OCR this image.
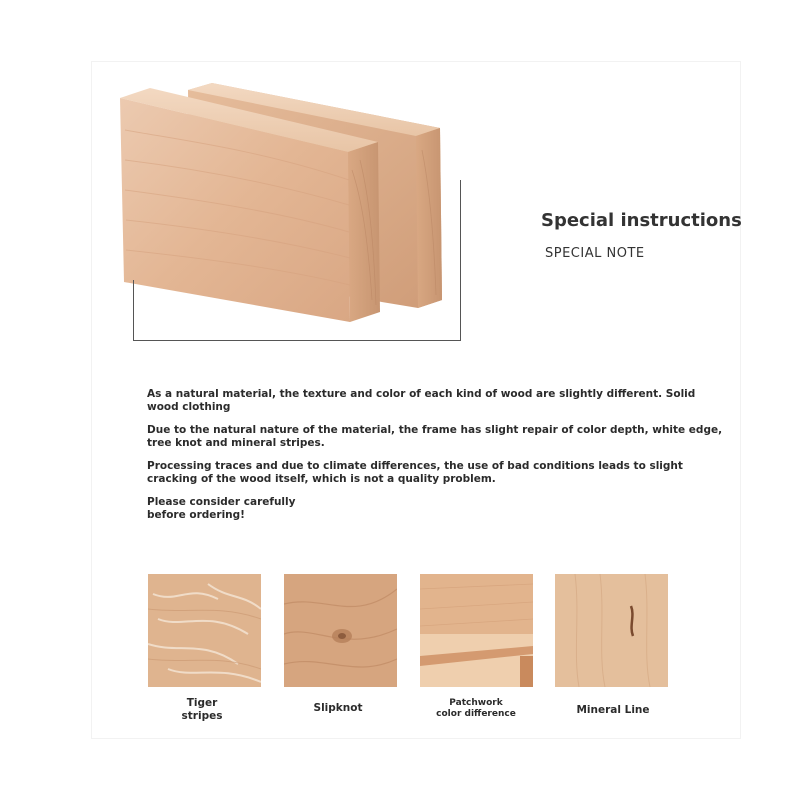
Special instructions
SPECIAL NOTE

As a natural material, the texture and color of each kind of wood are slightly different. Solid wood clothing

Due to the natural nature of the material, the frame has slight repair of color depth, white edge, tree knot and mineral stripes.

Processing traces and due to climate differences, the use of bad conditions leads to slight cracking of the wood itself, which is not a quality problem.

Please consider carefully before ordering!

Tiger
stripes
Slipknot	Patchwork
color difference	Mineral Line
